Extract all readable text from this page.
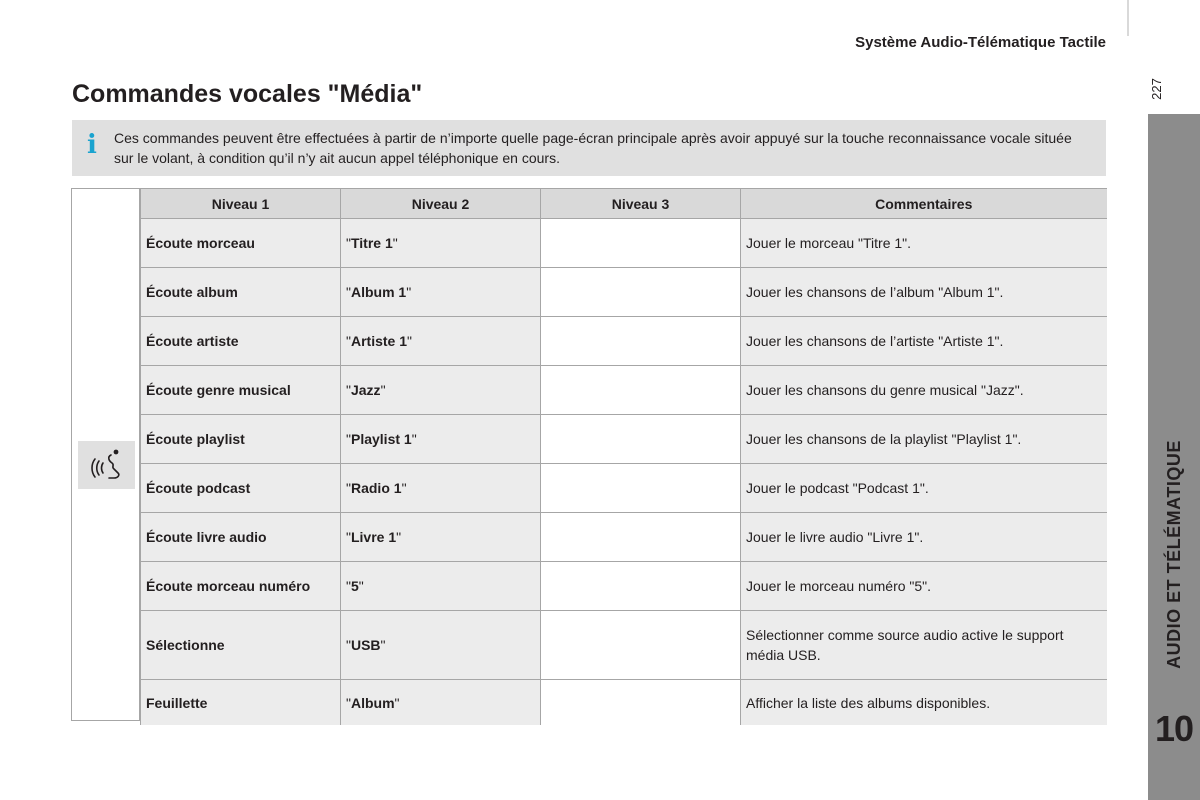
Système Audio-Télématique Tactile
227
AUDIO ET TÉLÉMATIQUE
10
Commandes vocales "Média"
i Ces commandes peuvent être effectuées à partir de n’importe quelle page-écran principale après avoir appuyé sur la touche reconnaissance vocale située sur le volant, à condition qu’il n’y ait aucun appel téléphonique en cours.
Niveau 1	Niveau 2	Niveau 3	Commentaires
Écoute morceau	"Titre 1"		Jouer le morceau "Titre 1".
Écoute album	"Album 1"		Jouer les chansons de l’album "Album 1".
Écoute artiste	"Artiste 1"		Jouer les chansons de l’artiste "Artiste 1".
Écoute genre musical	"Jazz"		Jouer les chansons du genre musical "Jazz".
Écoute playlist	"Playlist 1"		Jouer les chansons de la playlist "Playlist 1".
Écoute podcast	"Radio 1"		Jouer le podcast "Podcast 1".
Écoute livre audio	"Livre 1"		Jouer le livre audio "Livre 1".
Écoute morceau numéro	"5"		Jouer le morceau numéro "5".
Sélectionne	"USB"		Sélectionner comme source audio active le support média USB.
Feuillette	"Album"		Afficher la liste des albums disponibles.
